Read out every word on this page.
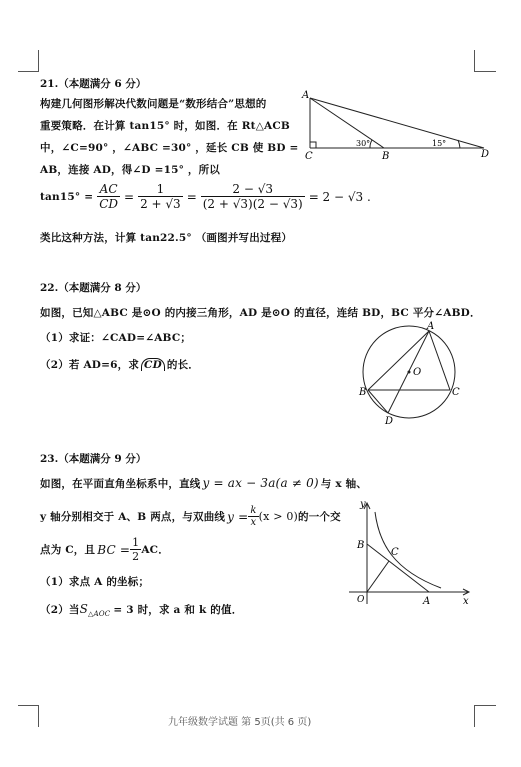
21.（本题满分 6 分）
构建几何图形解决代数问题是“数形结合”思想的
重要策略．在计算 tan15° 时，如图．在 Rt△ACB
中，∠C=90° ，∠ABC =30° ，延长 CB 使 BD =
AB，连接 AD，得∠D =15° ，所以
$\tan 15^\circ = \frac{AC}{CD} = \frac{1}{2 + √3} = \frac{2 - √3}{(2 + √3)(2 - √3)} = 2 - √3$ .
类比这种方法，计算 tan22.5° （画图并写出过程）
A
C	B	D
30°	15°
22.（本题满分 8 分）
如图，已知△ABC 是⊙O 的内接三角形，AD 是⊙O 的直径，连结 BD，BC 平分∠ABD．
（1）求证：∠CAD=∠ABC；
（2）若 AD=6，求 CD 的长．
A
B	C
D
O
23.（本题满分 9 分）
如图，在平面直角坐标系中，直线 y = ax − 3a(a ≠ 0) 与 x 轴、
y 轴分别相交于 A、B 两点，与双曲线 $y = \frac{k}{x} (x > 0)$ 的一个交
点为 C，且 BC = $\frac{1}{2}$ AC．
（1）求点 A 的坐标；
（2）当$S_{\triangle AOC} = 3$ 时，求 a 和 k 的值．
y
x
O	A
B
C
九年级数学试题 第 5页(共 6 页)
